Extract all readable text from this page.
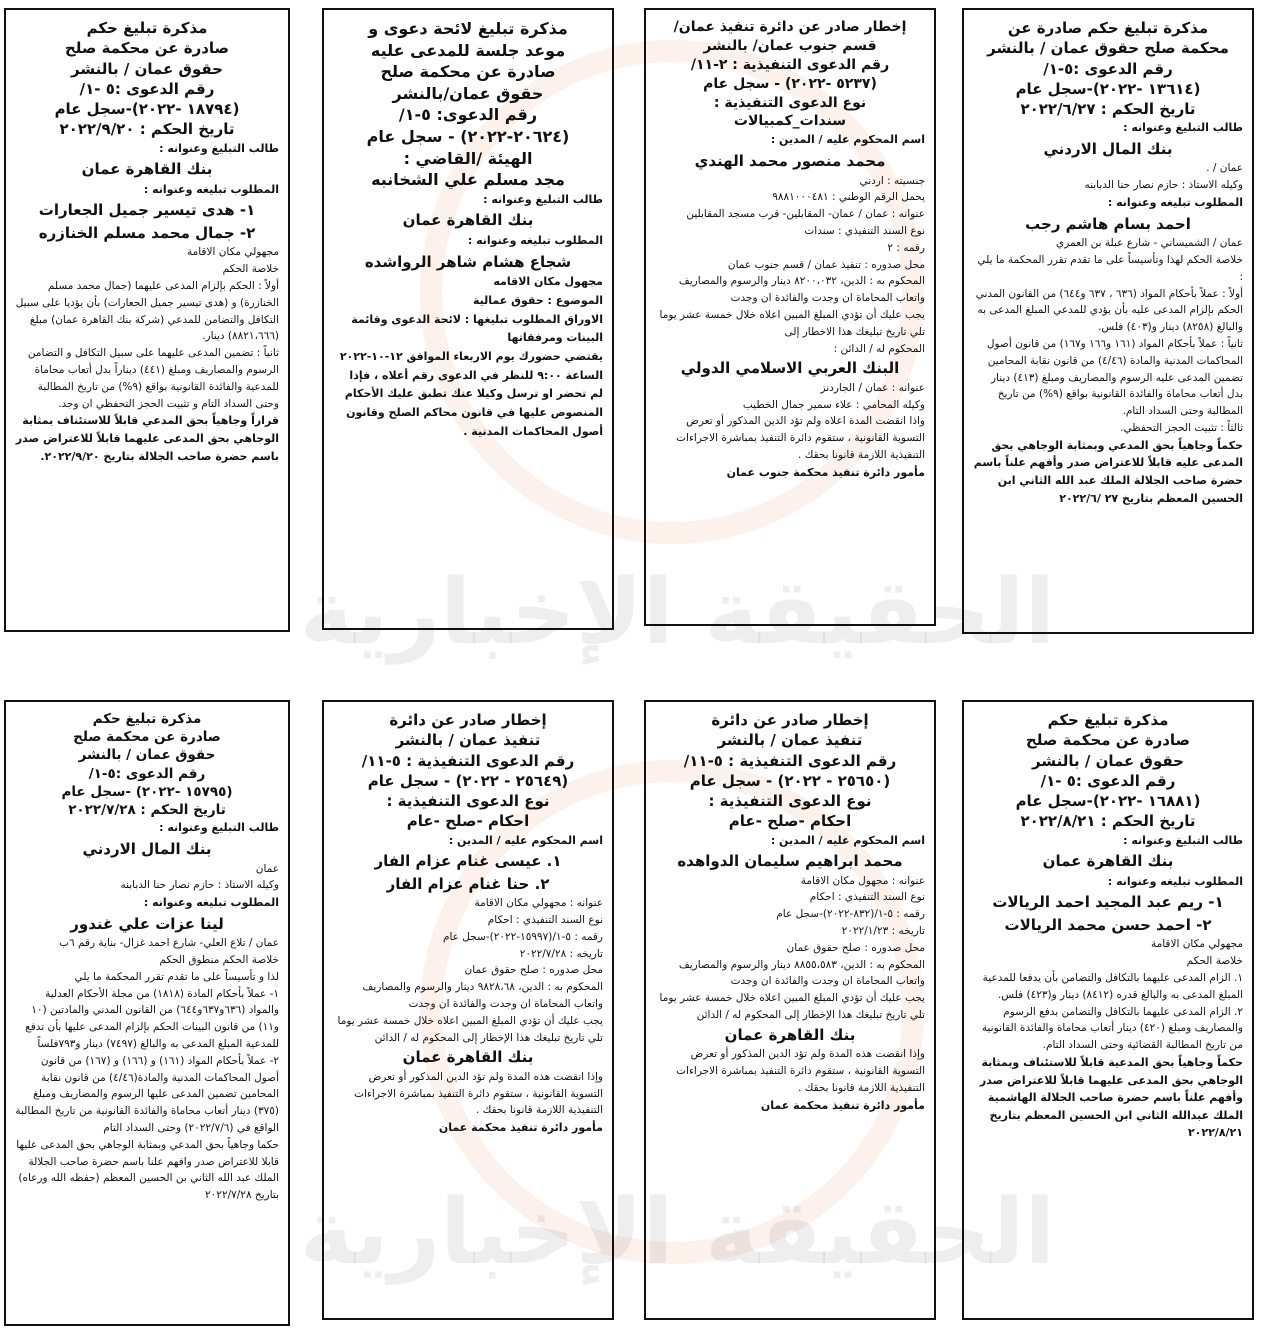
الحقيقة الإخبارية
الحقيقة الإخبارية
مذكرة تبليغ حكم صادرة عن
محكمة صلح حقوق عمان / بالنشر
رقم الدعوى :٥-١/
(١٣٦١٤ -٢٠٢٢)-سجل عام
تاريخ الحكم : ٢٠٢٢/٦/٢٧

طالب التبليغ وعنوانه :

بنك المال الاردني

عمان / .

وكيله الاستاذ : حازم نصار حنا الدبابنه

المطلوب تبليغه وعنوانه :

احمد بسام هاشم رجب

عمان / الشميساني - شارع عبلة بن العمري

خلاصة الحكم لهذا وتأسيساً على ما تقدم تقرر المحكمة ما يلي :

أولاً : عملاً بأحكام المواد (٦٣٦ ، ٦٣٧ و٦٤٤) من القانون المدني الحكم بإلزام المدعى عليه بأن يؤدي للمدعي المبلغ المدعى به والبالغ (٨٢٥٨) دينار و(٤٠٣) فلس.

ثانياً : عملاً بأحكام المواد (١٦١ و١٦٦ و١٦٧) من قانون أصول المحاكمات المدنية والمادة (٤/٤٦) من قانون نقابة المحامين تضمين المدعى عليه الرسوم والمصاريف ومبلغ (٤١٣) دينار بدل أتعاب محاماة والفائدة القانونية بواقع (٩%) من تاريخ المطالبة وحتى السداد التام.

ثالثاً : تثبيت الحجز التحفظي.

حكماً وجاهياً بحق المدعي وبمثابة الوجاهي بحق المدعى عليه قابلاً للاعتراض صدر وأفهم علناً باسم حضرة صاحب الجلالة الملك عبد الله الثاني ابن الحسين المعظم بتاريخ ٢٧ /٢٠٢٢/٦

إخطار صادر عن دائرة تنفيذ عمان/
قسم جنوب عمان/ بالنشر
رقم الدعوى التنفيذية : ٢-١١/
(٥٢٣٧ -٢٠٢٢) - سجل عام
نوع الدعوى التنفيذية :
سندات_كمبيالات

اسم المحكوم عليه / المدين :

محمد منصور محمد الهندي

جنسيته : اردني

يحمل الرقم الوطني : ٩٨٨١٠٠٠٤٨١

عنوانه : عمان / عمان- المقابلين- قرب مسجد المقابلين

نوع السند التنفيذي : سندات

رقمه : ٢

محل صدوره : تنفيذ عمان / قسم جنوب عمان

المحكوم به : الدين، ٨٢٠٠،٠٣٢ دينار والرسوم والمصاريف واتعاب المحاماة ان وجدت والفائدة ان وجدت

يجب عليك أن تؤدي المبلغ المبين اعلاه خلال خمسة عشر يوما تلي تاريخ تبليغك هذا الاخطار إلى

المحكوم له / الدائن :

البنك العربي الاسلامي الدولي

عنوانه : عمان / الجاردنز

وكيله المحامي : علاء سمير جمال الخطيب

واذا انقضت المدة اعلاه ولم تؤد الدين المذكور أو تعرض التسوية القانونية ، ستقوم دائرة التنفيذ بمباشرة الاجراءات التنفيذية اللازمة قانونا بحقك .

مأمور دائرة تنفيذ محكمة جنوب عمان

مذكرة تبليغ لائحة دعوى و
موعد جلسة للمدعى عليه
صادرة عن محكمة صلح
حقوق عمان/بالنشر
رقم الدعوى: ٥-١/
(٢٠٦٢٤-٢٠٢٢) - سجل عام
الهيئة /القاضي :
مجد مسلم علي الشخانبه

طالب التبليغ وعنوانه :

بنك القاهرة عمان

المطلوب تبليغه وعنوانه :

شجاع هشام شاهر الرواشده

مجهول مكان الاقامه

الموضوع : حقوق عمالية

الاوراق المطلوب تبليغها : لائحة الدعوى وقائمة البينات ومرفقاتها

يقتضي حضورك يوم الاربعاء الموافق ١٢-١٠-٢٠٢٢ الساعة ٩:٠٠ للنظر في الدعوى رقم أعلاه ، فإذا لم تحضر او ترسل وكيلا عنك تطبق عليك الأحكام المنصوص عليها في قانون محاكم الصلح وقانون أصول المحاكمات المدنية .

مذكرة تبليغ حكم
صادرة عن محكمة صلح
حقوق عمان / بالنشر
رقم الدعوى :٥ -١/
(١٨٧٩٤ -٢٠٢٢)-سجل عام
تاريخ الحكم : ٢٠٢٢/٩/٢٠

طالب التبليغ وعنوانه :

بنك القاهرة عمان

المطلوب تبليغه وعنوانه :

١- هدى تيسير جميل الجعارات

٢- جمال محمد مسلم الخنازره

مجهولي مكان الاقامة

خلاصة الحكم

أولاً : الحكم بإلزام المدعى عليهما (جمال محمد مسلم الخنازرة) و (هدى تيسير جميل الجعارات) بأن يؤديا على سبيل التكافل والتضامن للمدعي (شركة بنك القاهرة عمان) مبلغ (٨٨٢١،٦٦٦) دينار.

ثانياً : تضمين المدعى عليهما على سبيل التكافل و التضامن الرسوم والمصاريف ومبلغ (٤٤١) ديناراً بدل أتعاب محاماة للمدعية والفائدة القانونية بواقع (٩%) من تاريخ المطالبة وحتى السداد التام و تثبيت الحجز التحفظي ان وجد.

قراراً وجاهياً بحق المدعي قابلاً للاستئناف بمثابة الوجاهي بحق المدعى عليهما قابلاً للاعتراض صدر باسم حضرة صاحب الجلالة بتاريخ ٢٠٢٢/٩/٢٠.

مذكرة تبليغ حكم
صادرة عن محكمة صلح
حقوق عمان / بالنشر
رقم الدعوى :٥ -١/
(١٦٨٨١ -٢٠٢٢)-سجل عام
تاريخ الحكم : ٢٠٢٢/٨/٢١

طالب التبليغ وعنوانه :

بنك القاهرة عمان

المطلوب تبليغه وعنوانه :

١- ريم عبد المجيد احمد الريالات

٢- احمد حسن محمد الريالات

مجهولي مكان الاقامة

خلاصة الحكم

١. الزام المدعى عليهما بالتكافل والتضامن بأن يدفعا للمدعية المبلغ المدعى به والبالغ قدره (٨٤١٢) دينار و(٤٢٣) فلس.

٢. الزام المدعى عليهما بالتكافل والتضامن بدفع الرسوم والمصاريف ومبلغ (٤٢٠) دينار أتعاب محاماة والفائدة القانونية من تاريخ المطالبة القضائية وحتى السداد التام.

حكماً وجاهياً بحق المدعية قابلاً للاستئناف وبمثابة الوجاهي بحق المدعى عليهما قابلاً للاعتراض صدر وأفهم علناً باسم حضرة صاحب الجلالة الهاشمية الملك عبدالله الثاني ابن الحسين المعظم بتاريخ ٢٠٢٢/٨/٢١

إخطار صادر عن دائرة
تنفيذ عمان / بالنشر
رقم الدعوى التنفيذية : ٥-١١/
(٢٥٦٥٠ - ٢٠٢٢) - سجل عام
نوع الدعوى التنفيذية :
احكام -صلح -عام

اسم المحكوم عليه / المدين :

محمد ابراهيم سليمان الدواهده

عنوانه : مجهول مكان الاقامة

نوع السند التنفيذي : احكام

رقمه : ٥-١/(٨٣٢-٢٠٢٢)-سجل عام

تاريخه : ٢٠٢٢/١/٢٣

محل صدوره : صلح حقوق عمان

المحكوم به : الدين، ٨٨٥٥،٥٨٣ دينار والرسوم والمصاريف واتعاب المحاماة ان وجدت والفائدة ان وجدت

يجب عليك أن تؤدي المبلغ المبين اعلاه خلال خمسة عشر يوما تلي تاريخ تبليغك هذا الإخطار إلى المحكوم له / الدائن

بنك القاهرة عمان

وإذا انقضت هذه المدة ولم تؤد الدين المذكور أو تعرض التسوية القانونية ، ستقوم دائرة التنفيذ بمباشرة الاجراءات التنفيذية اللازمة قانونا بحقك .

مأمور دائرة تنفيذ محكمة عمان

إخطار صادر عن دائرة
تنفيذ عمان / بالنشر
رقم الدعوى التنفيذية : ٥-١١/
(٢٥٦٤٩ - ٢٠٢٢) - سجل عام
نوع الدعوى التنفيذية :
احكام -صلح -عام

اسم المحكوم عليه / المدين :

١. عيسى غنام عزام الفار

٢. حنا غنام عزام الفار

عنوانه : مجهولي مكان الاقامة

نوع السند التنفيذي : احكام

رقمه : ٥-١/(١٥٩٩٧-٢٠٢٢)-سجل عام

تاريخه : ٢٠٢٢/٧/٢٨

محل صدوره : صلح حقوق عمان

المحكوم به : الدين، ٩٨٢٨،٦٨ دينار والرسوم والمصاريف واتعاب المحاماة ان وجدت والفائدة ان وجدت

يجب عليك أن تؤدي المبلغ المبين اعلاه خلال خمسة عشر يوما تلي تاريخ تبليغك هذا الإخطار إلى المحكوم له / الدائن

بنك القاهرة عمان

وإذا انقضت هذه المدة ولم تؤد الدين المذكور أو تعرض التسوية القانونية ، ستقوم دائرة التنفيذ بمباشرة الاجراءات التنفيذية اللازمة قانونا بحقك .

مأمور دائرة تنفيذ محكمة عمان

مذكرة تبليغ حكم
صادرة عن محكمة صلح
حقوق عمان / بالنشر
رقم الدعوى :٥-١/
(١٥٧٩٥ -٢٠٢٢) -سجل عام
تاريخ الحكم : ٢٠٢٢/٧/٢٨

طالب التبليغ وعنوانه :

بنك المال الاردني

عمان

وكيله الاستاذ : حازم نصار حنا الدبابنه

المطلوب تبليغه وعنوانه :

لينا عزات علي غندور

عمان / تلاع العلي- شارع احمد غزال- بناية رقم ٦ب

خلاصة الحكم منطوق الحكم

لذا و تأسيساً على ما تقدم تقرر المحكمة ما يلي

١- عملاً بأحكام المادة (١٨١٨) من مجلة الأحكام العدلية والمواد (٦٣٦و٦٣٧و٦٤٤) من القانون المدني والمادتين (١٠ و١١) من قانون البينات الحكم بإلزام المدعى عليها بأن تدفع للمدعية المبلغ المدعى به والبالغ (٧٤٩٧) دينار و٧٩٣فلساً

٢- عملاً بأحكام المواد (١٦١) و (١٦٦) و (١٦٧) من قانون أصول المحاكمات المدنية والمادة(٤/٤٦) من قانون نقابة المحامين تضمين المدعى عليها الرسوم والمصاريف ومبلغ (٣٧٥) دينار أتعاب محاماة والفائدة القانونية من تاريخ المطالبة الواقع في (٢٠٢٢/٧/٦) وحتى السداد التام

حكما وجاهياً بحق المدعي وبمثابة الوجاهي بحق المدعى عليها

قابلا للاعتراض صدر وافهم علنا باسم حضرة صاحب الجلالة الملك عبد الله الثاني بن الحسين المعظم (حفظه الله ورعاه) بتاريخ ٢٠٢٢/٧/٢٨
